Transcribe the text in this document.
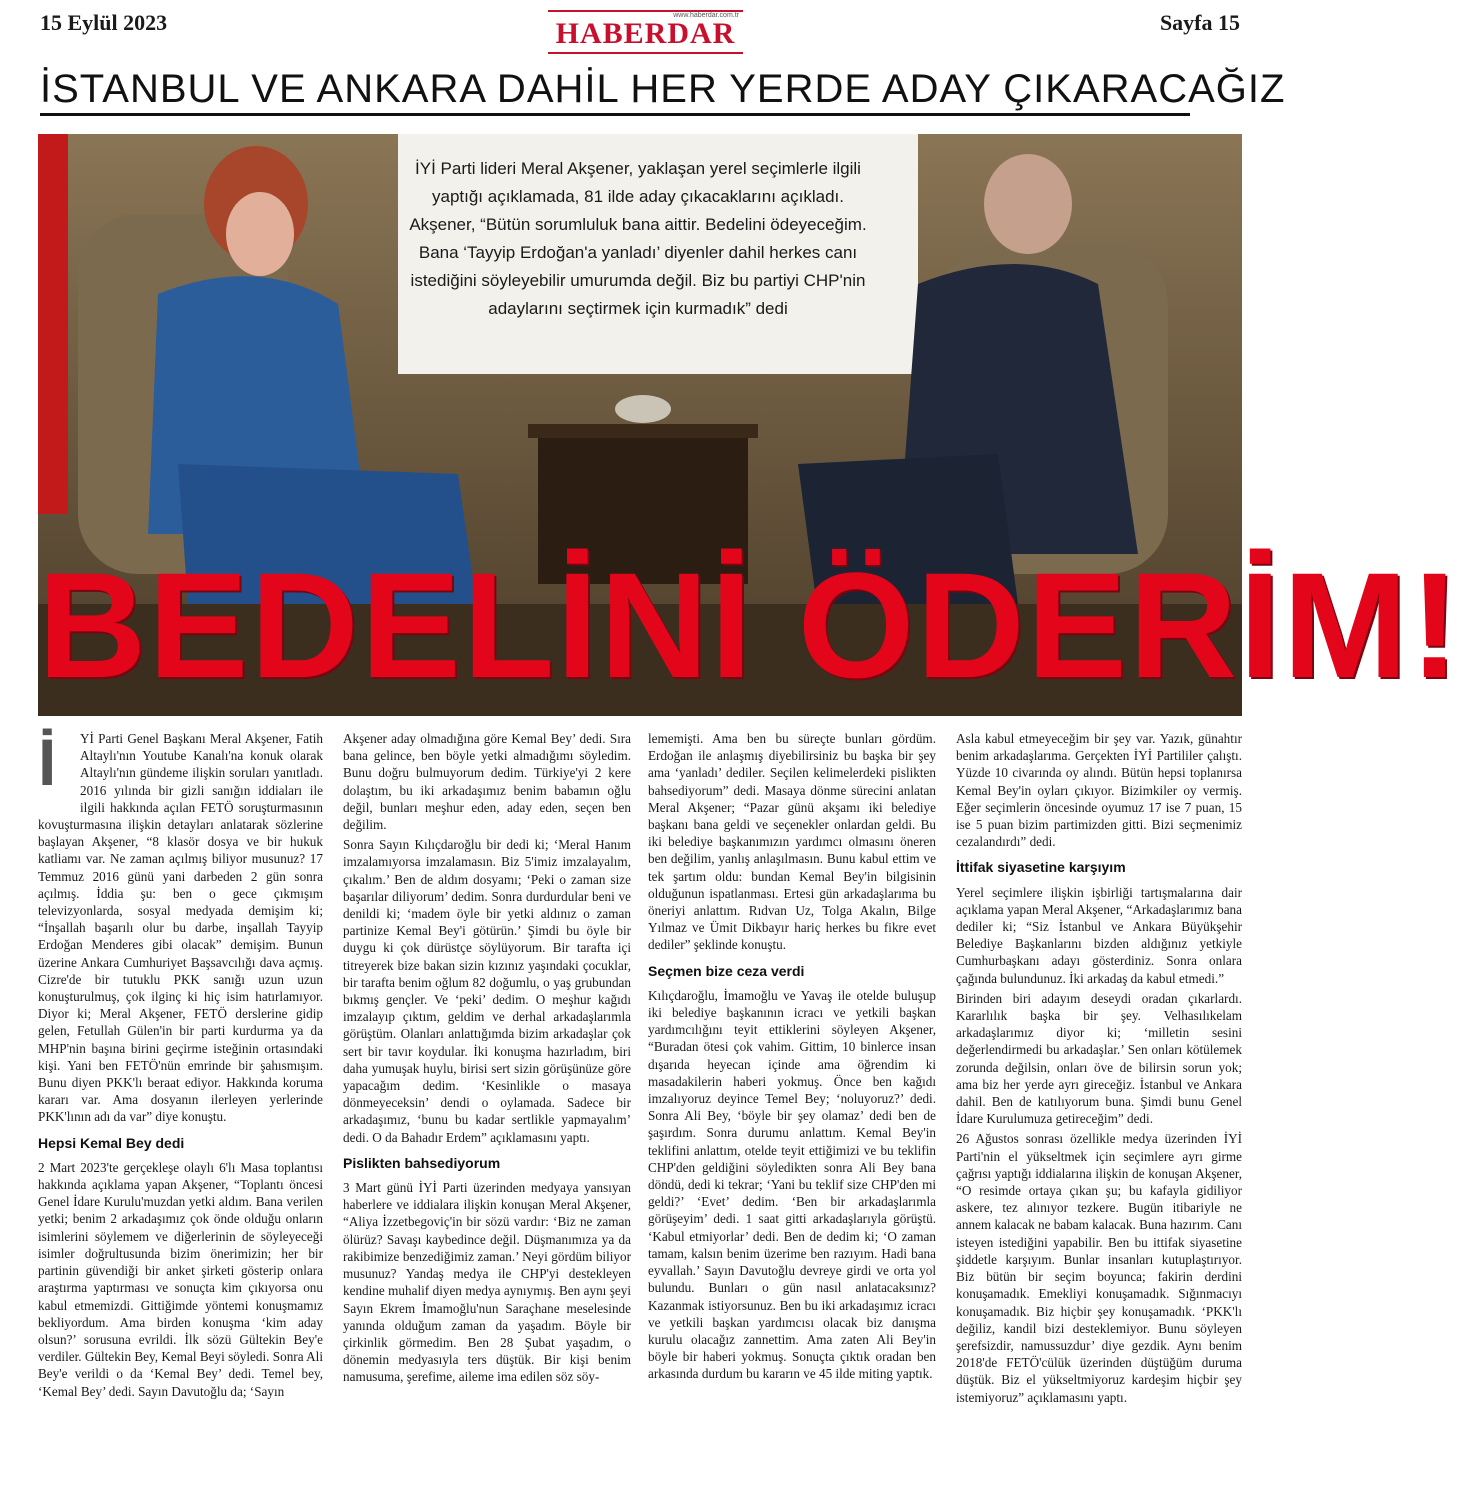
15 Eylül 2023	www.haberdar.com.tr
HABERDAR	Sayfa 15
İSTANBUL VE ANKARA DAHİL HER YERDE ADAY ÇIKARACAĞIZ
İYİ Parti lideri Meral Akşener, yaklaşan yerel seçimlerle ilgili yaptığı açıklamada, 81 ilde aday çıkacaklarını açıkladı. Akşener, “Bütün sorumluluk bana aittir. Bedelini ödeyeceğim. Bana ‘Tayyip Erdoğan'a yanladı’ diyenler dahil herkes canı istediğini söyleyebilir umurumda değil. Biz bu partiyi CHP'nin adaylarını seçtirmek için kurmadık” dedi
BEDELİNİ ÖDERİM!
İ	Yİ Parti Genel Başkanı Meral Akşener, Fatih Altaylı'nın Youtube Kanalı'na konuk olarak Altaylı'nın gündeme ilişkin soruları yanıtladı. 2016 yılında bir gizli sanığın iddiaları ile ilgili hakkında açılan FETÖ soruşturmasının kovuşturmasına ilişkin detayları anlatarak sözlerine başlayan Akşener, “8 klasör dosya ve bir hukuk katliamı var. Ne zaman açılmış biliyor musunuz? 17 Temmuz 2016 günü yani darbeden 2 gün sonra açılmış. İddia şu: ben o gece çıkmışım televizyonlarda, sosyal medyada demişim ki; “İnşallah başarılı olur bu darbe, inşallah Tayyip Erdoğan Menderes gibi olacak” demişim. Bunun üzerine Ankara Cumhuriyet Başsavcılığı dava açmış. Cizre'de bir tutuklu PKK sanığı uzun uzun konuşturulmuş, çok ilginç ki hiç isim hatırlamıyor. Diyor ki; Meral Akşener, FETÖ derslerine gidip gelen, Fetullah Gülen'in bir parti kurdurma ya da MHP'nin başına birini geçirme isteğinin ortasındaki kişi. Yani ben FETÖ'nün emrinde bir şahısmışım. Bunu diyen PKK'lı beraat ediyor. Hakkında koruma kararı var. Ama dosyanın ilerleyen yerlerinde PKK'lının adı da var” diye konuştu.

Hepsi Kemal Bey dedi

2 Mart 2023'te gerçekleşe olaylı 6'lı Masa toplantısı hakkında açıklama yapan Akşener, “Toplantı öncesi Genel İdare Kurulu'muzdan yetki aldım. Bana verilen yetki; benim 2 arkadaşımız çok önde olduğu onların isimlerini söylemem ve diğerlerinin de söyleyeceği isimler doğrultusunda bizim önerimizin; her bir partinin güvendiği bir anket şirketi gösterip onlara araştırma yaptırması ve sonuçta kim çıkıyorsa onu kabul etmemizdi. Gittiğimde yöntemi konuşmamız bekliyordum. Ama birden konuşma ‘kim aday olsun?’ sorusuna evrildi. İlk sözü Gültekin Bey'e verdiler. Gültekin Bey, Kemal Beyi söyledi. Sonra Ali Bey'e verildi o da ‘Kemal Bey’ dedi. Temel bey, ‘Kemal Bey’ dedi. Sayın Davutoğlu da; ‘Sayın

Akşener aday olmadığına göre Kemal Bey’ dedi. Sıra bana gelince, ben böyle yetki almadığımı söyledim. Bunu doğru bulmuyorum dedim. Türkiye'yi 2 kere dolaştım, bu iki arkadaşımız benim babamın oğlu değil, bunları meşhur eden, aday eden, seçen ben değilim.

Sonra Sayın Kılıçdaroğlu bir dedi ki; ‘Meral Hanım imzalamıyorsa imzalamasın. Biz 5'imiz imzalayalım, çıkalım.’ Ben de aldım dosyamı; ‘Peki o zaman size başarılar diliyorum’ dedim. Sonra durdurdular beni ve denildi ki; ‘madem öyle bir yetki aldınız o zaman partinize Kemal Bey'i götürün.’ Şimdi bu öyle bir duygu ki çok dürüstçe söylüyorum. Bir tarafta içi titreyerek bize bakan sizin kızınız yaşındaki çocuklar, bir tarafta benim oğlum 82 doğumlu, o yaş grubundan bıkmış gençler. Ve ‘peki’ dedim. O meşhur kağıdı imzalayıp çıktım, geldim ve derhal arkadaşlarımla görüştüm. Olanları anlattığımda bizim arkadaşlar çok sert bir tavır koydular. İki konuşma hazırladım, biri daha yumuşak huylu, birisi sert sizin görüşünüze göre yapacağım dedim. ‘Kesinlikle o masaya dönmeyeceksin’ dendi o oylamada. Sadece bir arkadaşımız, ‘bunu bu kadar sertlikle yapmayalım’ dedi. O da Bahadır Erdem” açıklamasını yaptı.

Pislikten bahsediyorum

3 Mart günü İYİ Parti üzerinden medyaya yansıyan haberlere ve iddialara ilişkin konuşan Meral Akşener, “Aliya İzzetbegoviç'in bir sözü vardır: ‘Biz ne zaman ölürüz? Savaşı kaybedince değil. Düşmanımıza ya da rakibimize benzediğimiz zaman.’ Neyi gördüm biliyor musunuz? Yandaş medya ile CHP'yi destekleyen kendine muhalif diyen medya aynıymış. Ben aynı şeyi Sayın Ekrem İmamoğlu'nun Saraçhane meselesinde yanında olduğum zaman da yaşadım. Böyle bir çirkinlik görmedim. Ben 28 Şubat yaşadım, o dönemin medyasıyla ters düştük. Bir kişi benim namusuma, şerefime, aileme ima edilen söz söy-

lememişti. Ama ben bu süreçte bunları gördüm. Erdoğan ile anlaşmış diyebilirsiniz bu başka bir şey ama ‘yanladı’ dediler. Seçilen kelimelerdeki pislikten bahsediyorum” dedi. Masaya dönme sürecini anlatan Meral Akşener; “Pazar günü akşamı iki belediye başkanı bana geldi ve seçenekler onlardan geldi. Bu iki belediye başkanımızın yardımcı olmasını öneren ben değilim, yanlış anlaşılmasın. Bunu kabul ettim ve tek şartım oldu: bundan Kemal Bey'in bilgisinin olduğunun ispatlanması. Ertesi gün arkadaşlarıma bu öneriyi anlattım. Rıdvan Uz, Tolga Akalın, Bilge Yılmaz ve Ümit Dikbayır hariç herkes bu fikre evet dediler” şeklinde konuştu.

Seçmen bize ceza verdi

Kılıçdaroğlu, İmamoğlu ve Yavaş ile otelde buluşup iki belediye başkanının icracı ve yetkili başkan yardımcılığını teyit ettiklerini söyleyen Akşener, “Buradan ötesi çok vahim. Gittim, 10 binlerce insan dışarıda heyecan içinde ama öğrendim ki masadakilerin haberi yokmuş. Önce ben kağıdı imzalıyoruz deyince Temel Bey; ‘noluyoruz?’ dedi. Sonra Ali Bey, ‘böyle bir şey olamaz’ dedi ben de şaşırdım. Sonra durumu anlattım. Kemal Bey'in teklifini anlattım, otelde teyit ettiğimizi ve bu teklifin CHP'den geldiğini söyledikten sonra Ali Bey bana döndü, dedi ki tekrar; ‘Yani bu teklif size CHP'den mi geldi?’ ‘Evet’ dedim. ‘Ben bir arkadaşlarımla görüşeyim’ dedi. 1 saat gitti arkadaşlarıyla görüştü. ‘Kabul etmiyorlar’ dedi. Ben de dedim ki; ‘O zaman tamam, kalsın benim üzerime ben razıyım. Hadi bana eyvallah.’ Sayın Davutoğlu devreye girdi ve orta yol bulundu. Bunları o gün nasıl anlatacaksınız? Kazanmak istiyorsunuz. Ben bu iki arkadaşımız icracı ve yetkili başkan yardımcısı olacak biz danışma kurulu olacağız zannettim. Ama zaten Ali Bey'in böyle bir haberi yokmuş. Sonuçta çıktık oradan ben arkasında durdum bu kararın ve 45 ilde miting yaptık.

Asla kabul etmeyeceğim bir şey var. Yazık, günahtır benim arkadaşlarıma. Gerçekten İYİ Partililer çalıştı. Yüzde 10 civarında oy alındı. Bütün hepsi toplanırsa Kemal Bey'in oyları çıkıyor. Bizimkiler oy vermiş. Eğer seçimlerin öncesinde oyumuz 17 ise 7 puan, 15 ise 5 puan bizim partimizden gitti. Bizi seçmenimiz cezalandırdı” dedi.

İttifak siyasetine karşıyım

Yerel seçimlere ilişkin işbirliği tartışmalarına dair açıklama yapan Meral Akşener, “Arkadaşlarımız bana dediler ki; “Siz İstanbul ve Ankara Büyükşehir Belediye Başkanlarını bizden aldığınız yetkiyle Cumhurbaşkanı adayı gösterdiniz. Sonra onlara çağında bulundunuz. İki arkadaş da kabul etmedi.”

Birinden biri adayım deseydi oradan çıkarlardı. Kararlılık başka bir şey. Velhasılıkelam arkadaşlarımız diyor ki; ‘milletin sesini değerlendirmedi bu arkadaşlar.’ Sen onları kötülemek zorunda değilsin, onları öve de bilirsin sorun yok; ama biz her yerde ayrı gireceğiz. İstanbul ve Ankara dahil. Ben de katılıyorum buna. Şimdi bunu Genel İdare Kurulumuza getireceğim” dedi.

26 Ağustos sonrası özellikle medya üzerinden İYİ Parti'nin el yükseltmek için seçimlere ayrı girme çağrısı yaptığı iddialarına ilişkin de konuşan Akşener, “O resimde ortaya çıkan şu; bu kafayla gidiliyor askere, tez alınıyor tezkere. Bugün itibariyle ne annem kalacak ne babam kalacak. Buna hazırım. Canı isteyen istediğini yapabilir. Ben bu ittifak siyasetine şiddetle karşıyım. Bunlar insanları kutuplaştırıyor. Biz bütün bir seçim boyunca; fakirin derdini konuşamadık. Emekliyi konuşamadık. Sığınmacıyı konuşamadık. Biz hiçbir şey konuşamadık. ‘PKK'lı değiliz, kandil bizi desteklemiyor. Bunu söyleyen şerefsizdir, namussuzdur’ diye gezdik. Aynı benim 2018'de FETÖ'cülük üzerinden düştüğüm duruma düştük. Biz el yükseltmiyoruz kardeşim hiçbir şey istemiyoruz” açıklamasını yaptı.
